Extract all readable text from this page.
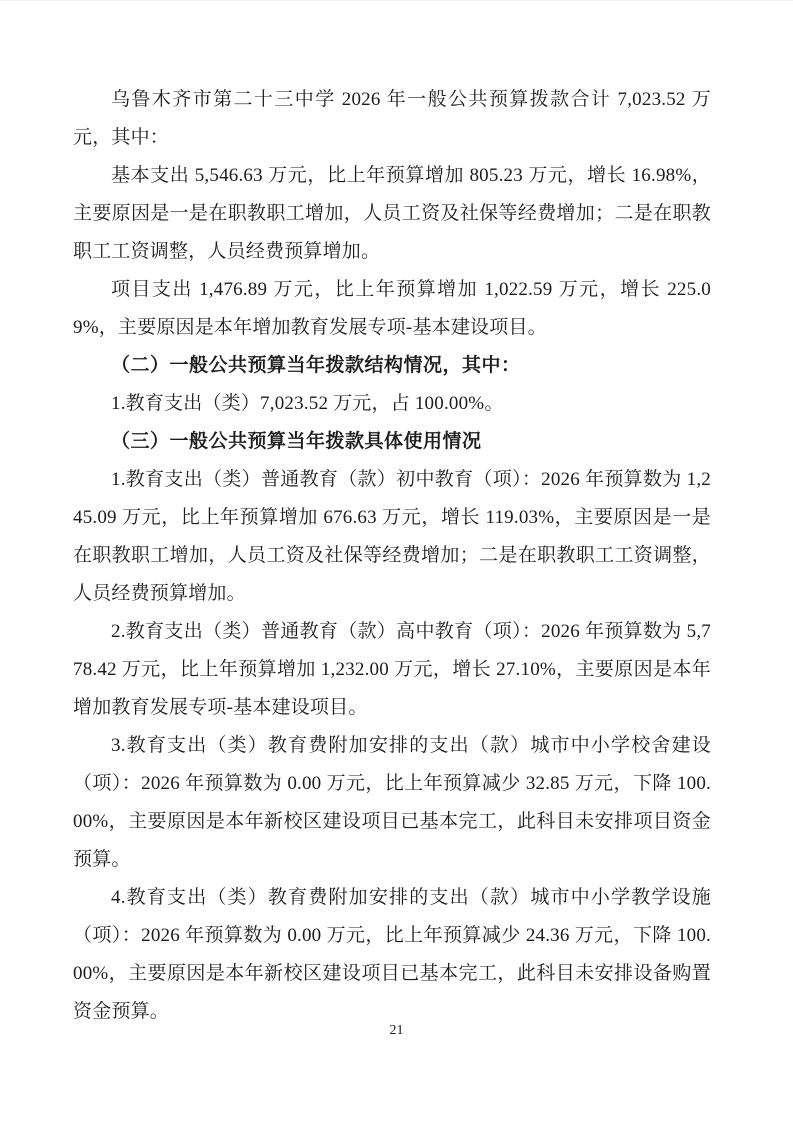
乌鲁木齐市第二十三中学 2026 年一般公共预算拨款合计 7,023.52 万元，其中：

基本支出 5,546.63 万元，比上年预算增加 805.23 万元，增长 16.98%，主要原因是一是在职教职工增加，人员工资及社保等经费增加；二是在职教职工工资调整，人员经费预算增加。

项目支出 1,476.89 万元，比上年预算增加 1,022.59 万元，增长 225.09%，主要原因是本年增加教育发展专项-基本建设项目。

（二）一般公共预算当年拨款结构情况，其中：

1.教育支出（类）7,023.52 万元，占 100.00%。

（三）一般公共预算当年拨款具体使用情况

1.教育支出（类）普通教育（款）初中教育（项）：2026 年预算数为 1,245.09 万元，比上年预算增加 676.63 万元，增长 119.03%，主要原因是一是在职教职工增加，人员工资及社保等经费增加；二是在职教职工工资调整，人员经费预算增加。

2.教育支出（类）普通教育（款）高中教育（项）：2026 年预算数为 5,778.42 万元，比上年预算增加 1,232.00 万元，增长 27.10%，主要原因是本年增加教育发展专项-基本建设项目。

3.教育支出（类）教育费附加安排的支出（款）城市中小学校舍建设（项）：2026 年预算数为 0.00 万元，比上年预算减少 32.85 万元，下降 100.00%，主要原因是本年新校区建设项目已基本完工，此科目未安排项目资金预算。

4.教育支出（类）教育费附加安排的支出（款）城市中小学教学设施（项）：2026 年预算数为 0.00 万元，比上年预算减少 24.36 万元，下降 100.00%，主要原因是本年新校区建设项目已基本完工，此科目未安排设备购置资金预算。

21
